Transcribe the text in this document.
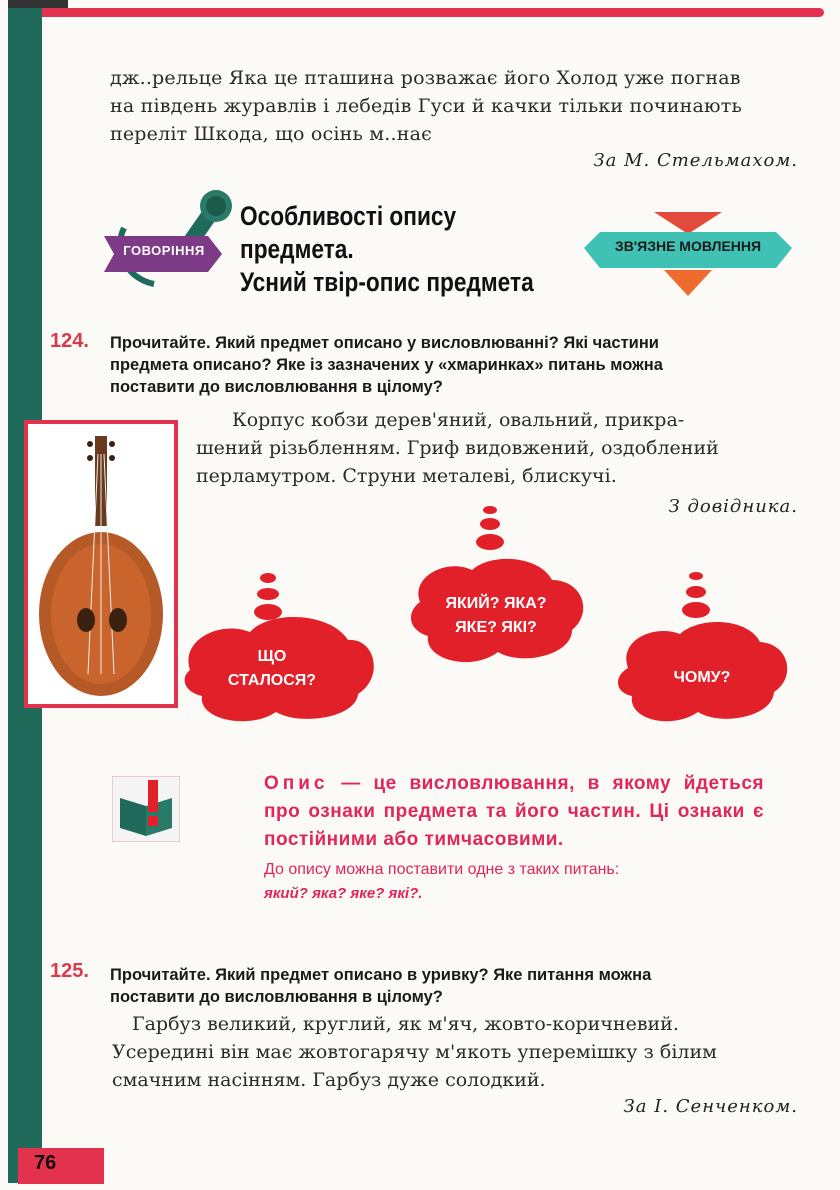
дж..рельце Яка це пташина розважає його Холод уже погнав
на південь журавлів і лебедів Гуси й качки тільки починають
переліт Шкода, що осінь м..нає
За М. Стельмахом.
ГОВОРІННЯ
Особливості опису
предмета.
Усний твір-опис предмета
ЗВ'ЯЗНЕ МОВЛЕННЯ
124. Прочитайте. Який предмет описано у висловлюванні? Які частини
предмета описано? Яке із зазначених у «хмаринках» питань можна
поставити до висловлювання в цілому?
Корпус кобзи дерев'яний, овальний, прикра-
шений різьбленням. Гриф видовжений, оздоблений
перламутром. Струни металеві, блискучі.
З довідника.
ЩО
СТАЛОСЯ?
ЯКИЙ? ЯКА?
ЯКЕ? ЯКІ?
ЧОМУ?
Опис — це висловлювання, в якому йдеться про ознаки предмета та його частин. Ці ознаки є постійними або тимчасовими.
До опису можна поставити одне з таких питань:
який? яка? яке? які?.
125. Прочитайте. Який предмет описано в уривку? Яке питання можна
поставити до висловлювання в цілому?
Гарбуз великий, круглий, як м'яч, жовто-коричневий.
Усередині він має жовтогарячу м'якоть уперемішку з білим
смачним насінням. Гарбуз дуже солодкий.
За І. Сенченком.
76
